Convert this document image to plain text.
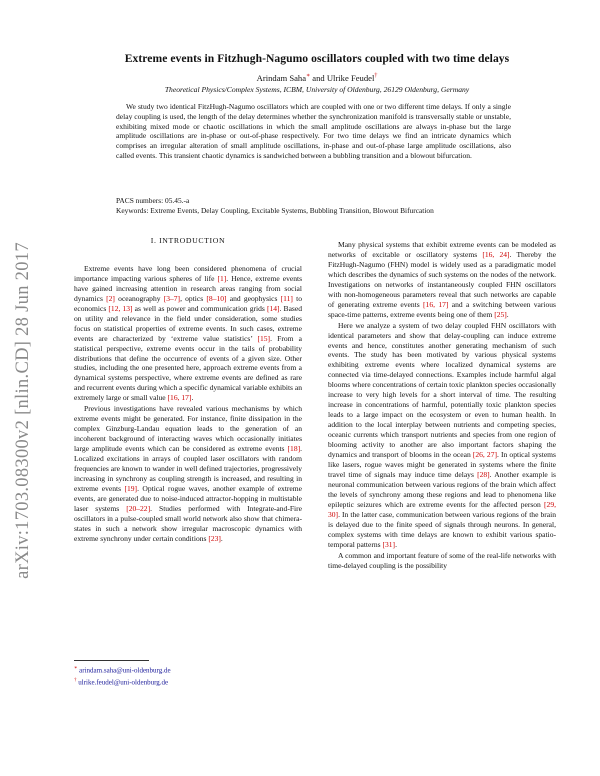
arXiv:1703.08300v2 [nlin.CD] 28 Jun 2017
Extreme events in Fitzhugh-Nagumo oscillators coupled with two time delays
Arindam Saha∗ and Ulrike Feudel†
Theoretical Physics/Complex Systems, ICBM, University of Oldenburg, 26129 Oldenburg, Germany
We study two identical FitzHugh-Nagumo oscillators which are coupled with one or two different time delays. If only a single delay coupling is used, the length of the delay determines whether the synchronization manifold is transversally stable or unstable, exhibiting mixed mode or chaotic oscillations in which the small amplitude oscillations are always in-phase but the large amplitude oscillations are in-phase or out-of-phase respectively. For two time delays we find an intricate dynamics which comprises an irregular alteration of small amplitude oscillations, in-phase and out-of-phase large amplitude oscillations, also called events. This transient chaotic dynamics is sandwiched between a bubbling transition and a blowout bifurcation.
PACS numbers: 05.45.-a
Keywords: Extreme Events, Delay Coupling, Excitable Systems, Bubbling Transition, Blowout Bifurcation
I. INTRODUCTION

Extreme events have long been considered phenomena of crucial importance impacting various spheres of life [1]. Hence, extreme events have gained increasing attention in research areas ranging from social dynamics [2] oceanography [3–7], optics [8–10] and geophysics [11] to economics [12, 13] as well as power and communication grids [14]. Based on utility and relevance in the field under consideration, some studies focus on statistical properties of extreme events. In such cases, extreme events are characterized by ‘extreme value statistics’ [15]. From a statistical perspective, extreme events occur in the tails of probability distributions that define the occurrence of events of a given size. Other studies, including the one presented here, approach extreme events from a dynamical systems perspective, where extreme events are defined as rare and recurrent events during which a specific dynamical variable exhibits an extremely large or small value [16, 17].

Previous investigations have revealed various mechanisms by which extreme events might be generated. For instance, finite dissipation in the complex Ginzburg-Landau equation leads to the generation of an incoherent background of interacting waves which occasionally initiates large amplitude events which can be considered as extreme events [18]. Localized excitations in arrays of coupled laser oscillators with random frequencies are known to wander in well defined trajectories, progressively increasing in synchrony as coupling strength is increased, and resulting in extreme events [19]. Optical rogue waves, another example of extreme events, are generated due to noise-induced attractor-hopping in multistable laser systems [20–22]. Studies performed with Integrate-and-Fire oscillators in a pulse-coupled small world network also show that chimera-states in such a network show irregular macroscopic dynamics with extreme synchrony under certain conditions [23].

Many physical systems that exhibit extreme events can be modeled as networks of excitable or oscillatory systems [16, 24]. Thereby the FitzHugh-Nagumo (FHN) model is widely used as a paradigmatic model which describes the dynamics of such systems on the nodes of the network. Investigations on networks of instantaneously coupled FHN oscillators with non-homogeneous parameters reveal that such networks are capable of generating extreme events [16, 17] and a switching between various space-time patterns, extreme events being one of them [25].

Here we analyze a system of two delay coupled FHN oscillators with identical parameters and show that delay-coupling can induce extreme events and hence, constitutes another generating mechanism of such events. The study has been motivated by various physical systems exhibiting extreme events where localized dynamical systems are connected via time-delayed connections. Examples include harmful algal blooms where concentrations of certain toxic plankton species occasionally increase to very high levels for a short interval of time. The resulting increase in concentrations of harmful, potentially toxic plankton species leads to a large impact on the ecosystem or even to human health. In addition to the local interplay between nutrients and competing species, oceanic currents which transport nutrients and species from one region of blooming activity to another are also important factors shaping the dynamics and transport of blooms in the ocean [26, 27]. In optical systems like lasers, rogue waves might be generated in systems where the finite travel time of signals may induce time delays [28]. Another example is neuronal communication between various regions of the brain which affect the levels of synchrony among these regions and lead to phenomena like epileptic seizures which are extreme events for the affected person [29, 30]. In the latter case, communication between various regions of the brain is delayed due to the finite speed of signals through neurons. In general, complex systems with time delays are known to exhibit various spatio-temporal patterns [31].

A common and important feature of some of the real-life networks with time-delayed coupling is the possibility

∗ arindam.saha@uni-oldenburg.de
† ulrike.feudel@uni-oldenburg.de
